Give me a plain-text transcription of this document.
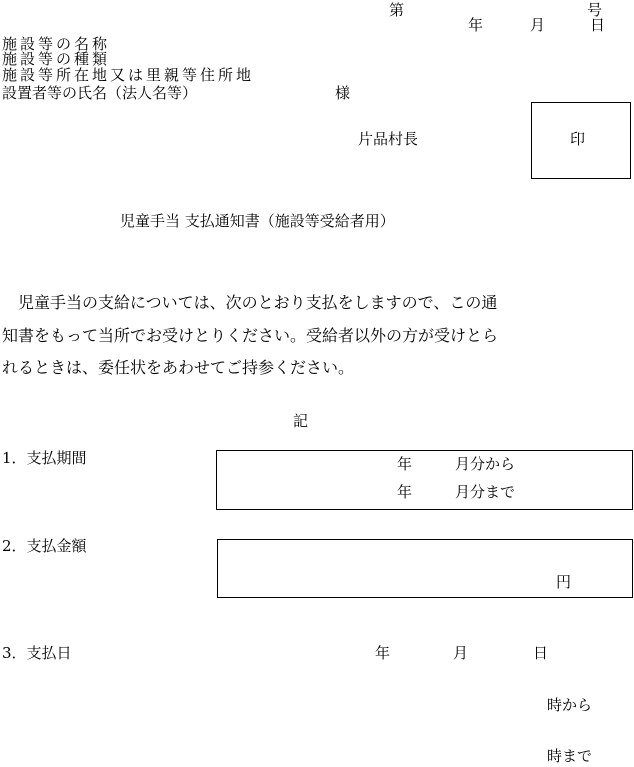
第	号
年	月	日
施設等の名称
施設等の種類
施設等所在地又は里親等住所地
設置者等の氏名（法人名等）	様
片品村長	印
児童手当 支払通知書（施設等受給者用）
　児童手当の支給については、次のとおり支払をしますので、この通
知書をもって当所でお受けとりください。受給者以外の方が受けとら
れるときは、委任状をあわせてご持参ください。
記
1．支払期間	年	月分から
年	月分まで
2．支払金額
円
3．支払日	年	月	日
時から
時まで
